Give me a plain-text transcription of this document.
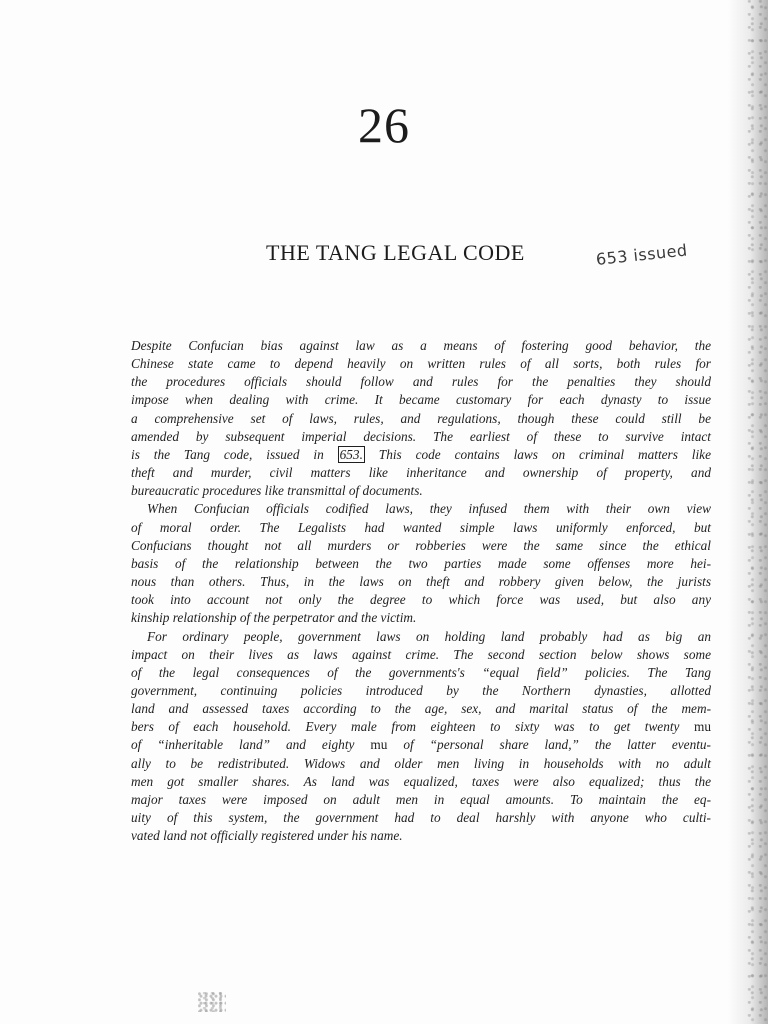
26
THE TANG LEGAL CODE	653 issued
Despite Confucian bias against law as a means of fostering good behavior, the
Chinese state came to depend heavily on written rules of all sorts, both rules for
the procedures officials should follow and rules for the penalties they should
impose when dealing with crime. It became customary for each dynasty to issue
a comprehensive set of laws, rules, and regulations, though these could still be
amended by subsequent imperial decisions. The earliest of these to survive intact
is the Tang code, issued in 653. This code contains laws on criminal matters like
theft and murder, civil matters like inheritance and ownership of property, and
bureaucratic procedures like transmittal of documents.
When Confucian officials codified laws, they infused them with their own view
of moral order. The Legalists had wanted simple laws uniformly enforced, but
Confucians thought not all murders or robberies were the same since the ethical
basis of the relationship between the two parties made some offenses more hei-
nous than others. Thus, in the laws on theft and robbery given below, the jurists
took into account not only the degree to which force was used, but also any
kinship relationship of the perpetrator and the victim.
For ordinary people, government laws on holding land probably had as big an
impact on their lives as laws against crime. The second section below shows some
of the legal consequences of the governments's “equal field” policies. The Tang
government, continuing policies introduced by the Northern dynasties, allotted
land and assessed taxes according to the age, sex, and marital status of the mem-
bers of each household. Every male from eighteen to sixty was to get twenty mu
of “inheritable land” and eighty mu of “personal share land,” the latter eventu-
ally to be redistributed. Widows and older men living in households with no adult
men got smaller shares. As land was equalized, taxes were also equalized; thus the
major taxes were imposed on adult men in equal amounts. To maintain the eq-
uity of this system, the government had to deal harshly with anyone who culti-
vated land not officially registered under his name.
